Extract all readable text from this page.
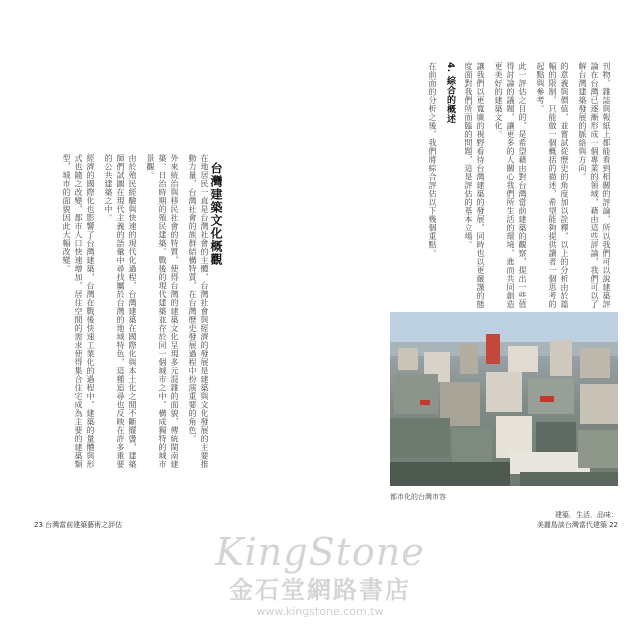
在地居民一直是台灣社會的主體，台灣社會與經濟的發展是建築與文化發展的主要推動力量，台灣社會的族群結構特質，在台灣歷史發展過程中扮演重要的角色。

外來統治與移民社會的特質，使得台灣的建築文化呈現多元混雜的面貌，傳統閩南建築、日治時期的殖民建築、戰後的現代建築並存於同一個城市之中，構成獨特的城市景觀。

由於殖民經驗與快速的現代化過程，台灣建築在國際化與本土化之間不斷擺盪，建築師們試圖在現代主義的語彙中尋找屬於台灣的地域特色，這種追尋也反映在許多重要的公共建築之中。

經濟的國際化也影響了台灣建築，台灣在戰後快速工業化的過程中，建築的量體與形式也隨之改變，都市人口快速增加，居住空間的需求使得集合住宅成為主要的建築類型，城市的面貌因此大幅改變。	台灣建築文化概觀
23 台灣當前建築藝術之評估

刊物，雜誌與報紙上都能看到相關的評論，所以我們可以說建築評論在台灣已逐漸形成一個專業的領域，藉由這些評論，我們可以了解台灣建築發展的脈絡與方向。

的意義與價值，並嘗試從歷史的角度加以詮釋，以上的分析由於篇幅的限制，只能做一個概括的描述，希望能夠提供讀者一個思考的起點與參考。

此一評估之目的，是希望藉由對台灣當前建築的觀察，提出一些值得討論的議題，讓更多的人關心我們所生活的環境，進而共同創造更美好的建築文化。

讓我們以更寬廣的視野看待台灣建築的發展，同時也以更嚴謹的態度面對我們所面臨的問題，這是評估的基本立場。

4. 綜合的概述

在前面的分析之後，我們將綜合評估以下幾個重點。

都市化的台灣市容
建築．生活．品味：
美麗島談台灣當代建築 22
KingStone
金石堂網路書店
www.kingstone.com.tw
